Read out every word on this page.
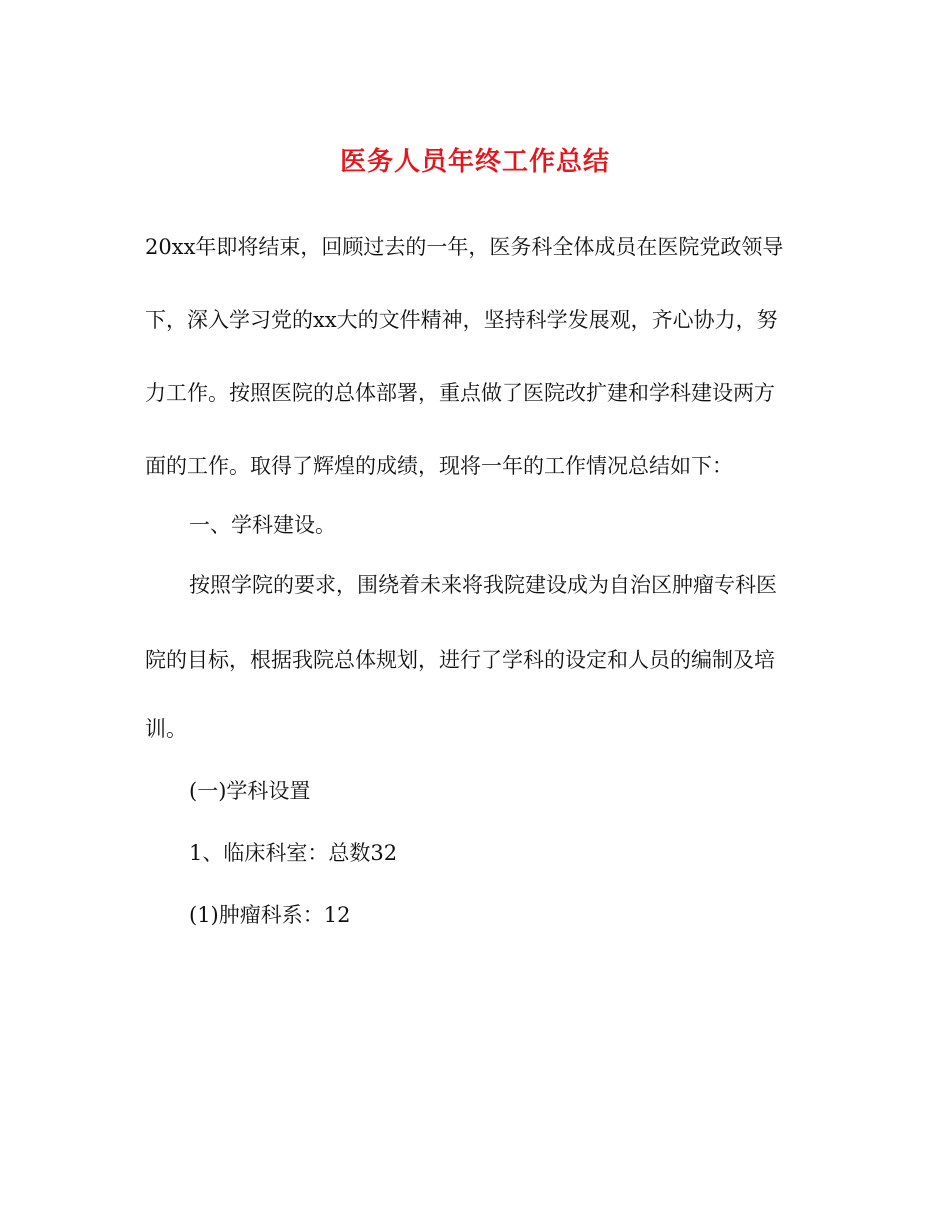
医务人员年终工作总结
20xx年即将结束，回顾过去的一年，医务科全体成员在医院党政领导
下，深入学习党的xx大的文件精神，坚持科学发展观，齐心协力，努
力工作。按照医院的总体部署，重点做了医院改扩建和学科建设两方
面的工作。取得了辉煌的成绩，现将一年的工作情况总结如下：
一、学科建设。
按照学院的要求，围绕着未来将我院建设成为自治区肿瘤专科医
院的目标，根据我院总体规划，进行了学科的设定和人员的编制及培
训。
(一)学科设置
1、临床科室：总数32
(1)肿瘤科系：12
